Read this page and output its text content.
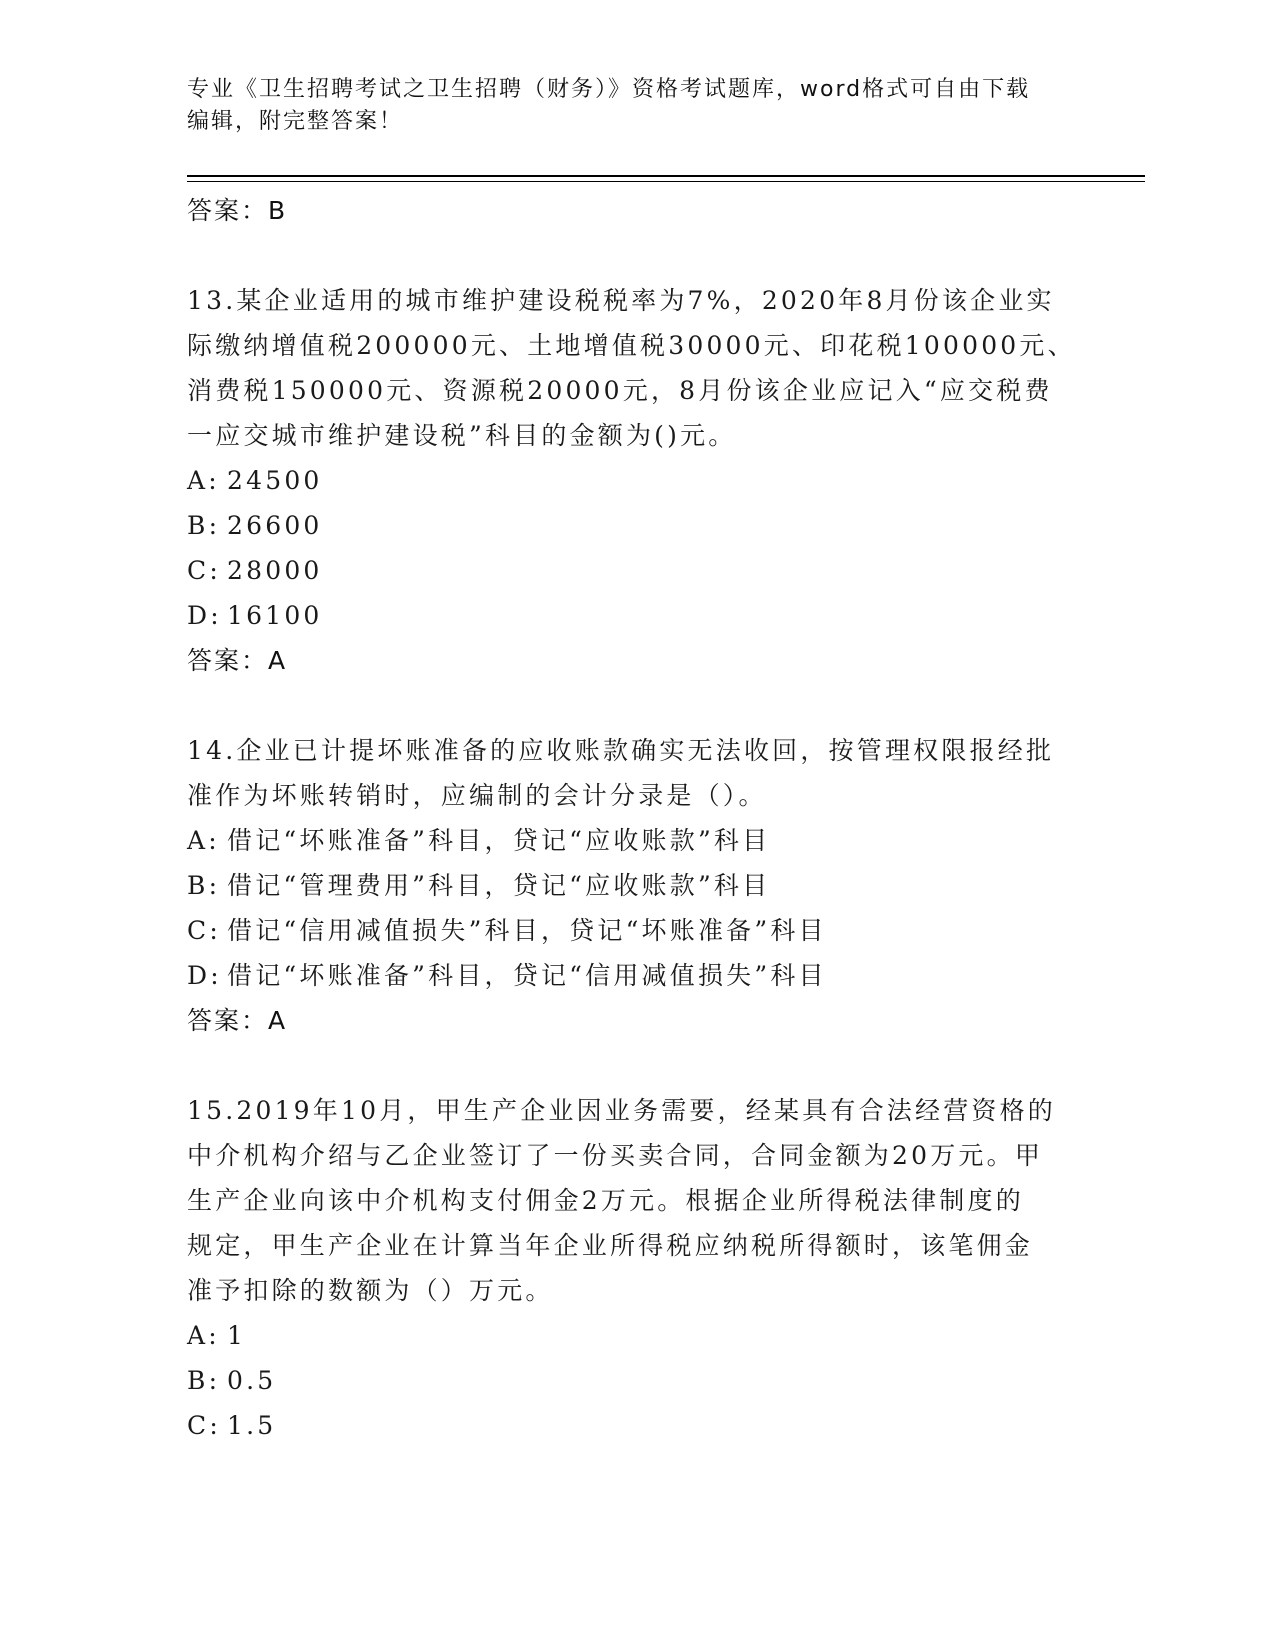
专业《卫生招聘考试之卫生招聘（财务）》资格考试题库，word格式可自由下载
编辑，附完整答案！
答案：B
13.某企业适用的城市维护建设税税率为7%，2020年8月份该企业实
际缴纳增值税200000元、土地增值税30000元、印花税100000元、
消费税150000元、资源税20000元，8月份该企业应记入“应交税费
一应交城市维护建设税”科目的金额为()元。
A: 24500
B: 26600
C: 28000
D: 16100
答案：A
14.企业已计提坏账准备的应收账款确实无法收回，按管理权限报经批
准作为坏账转销时，应编制的会计分录是（）。
A: 借记“坏账准备”科目，贷记“应收账款”科目
B: 借记“管理费用”科目，贷记“应收账款”科目
C: 借记“信用减值损失”科目，贷记“坏账准备”科目
D: 借记“坏账准备”科目，贷记“信用减值损失”科目
答案：A
15.2019年10月，甲生产企业因业务需要，经某具有合法经营资格的
中介机构介绍与乙企业签订了一份买卖合同，合同金额为20万元。甲
生产企业向该中介机构支付佣金2万元。根据企业所得税法律制度的
规定，甲生产企业在计算当年企业所得税应纳税所得额时，该笔佣金
准予扣除的数额为（）万元。
A: 1
B: 0.5
C: 1.5
